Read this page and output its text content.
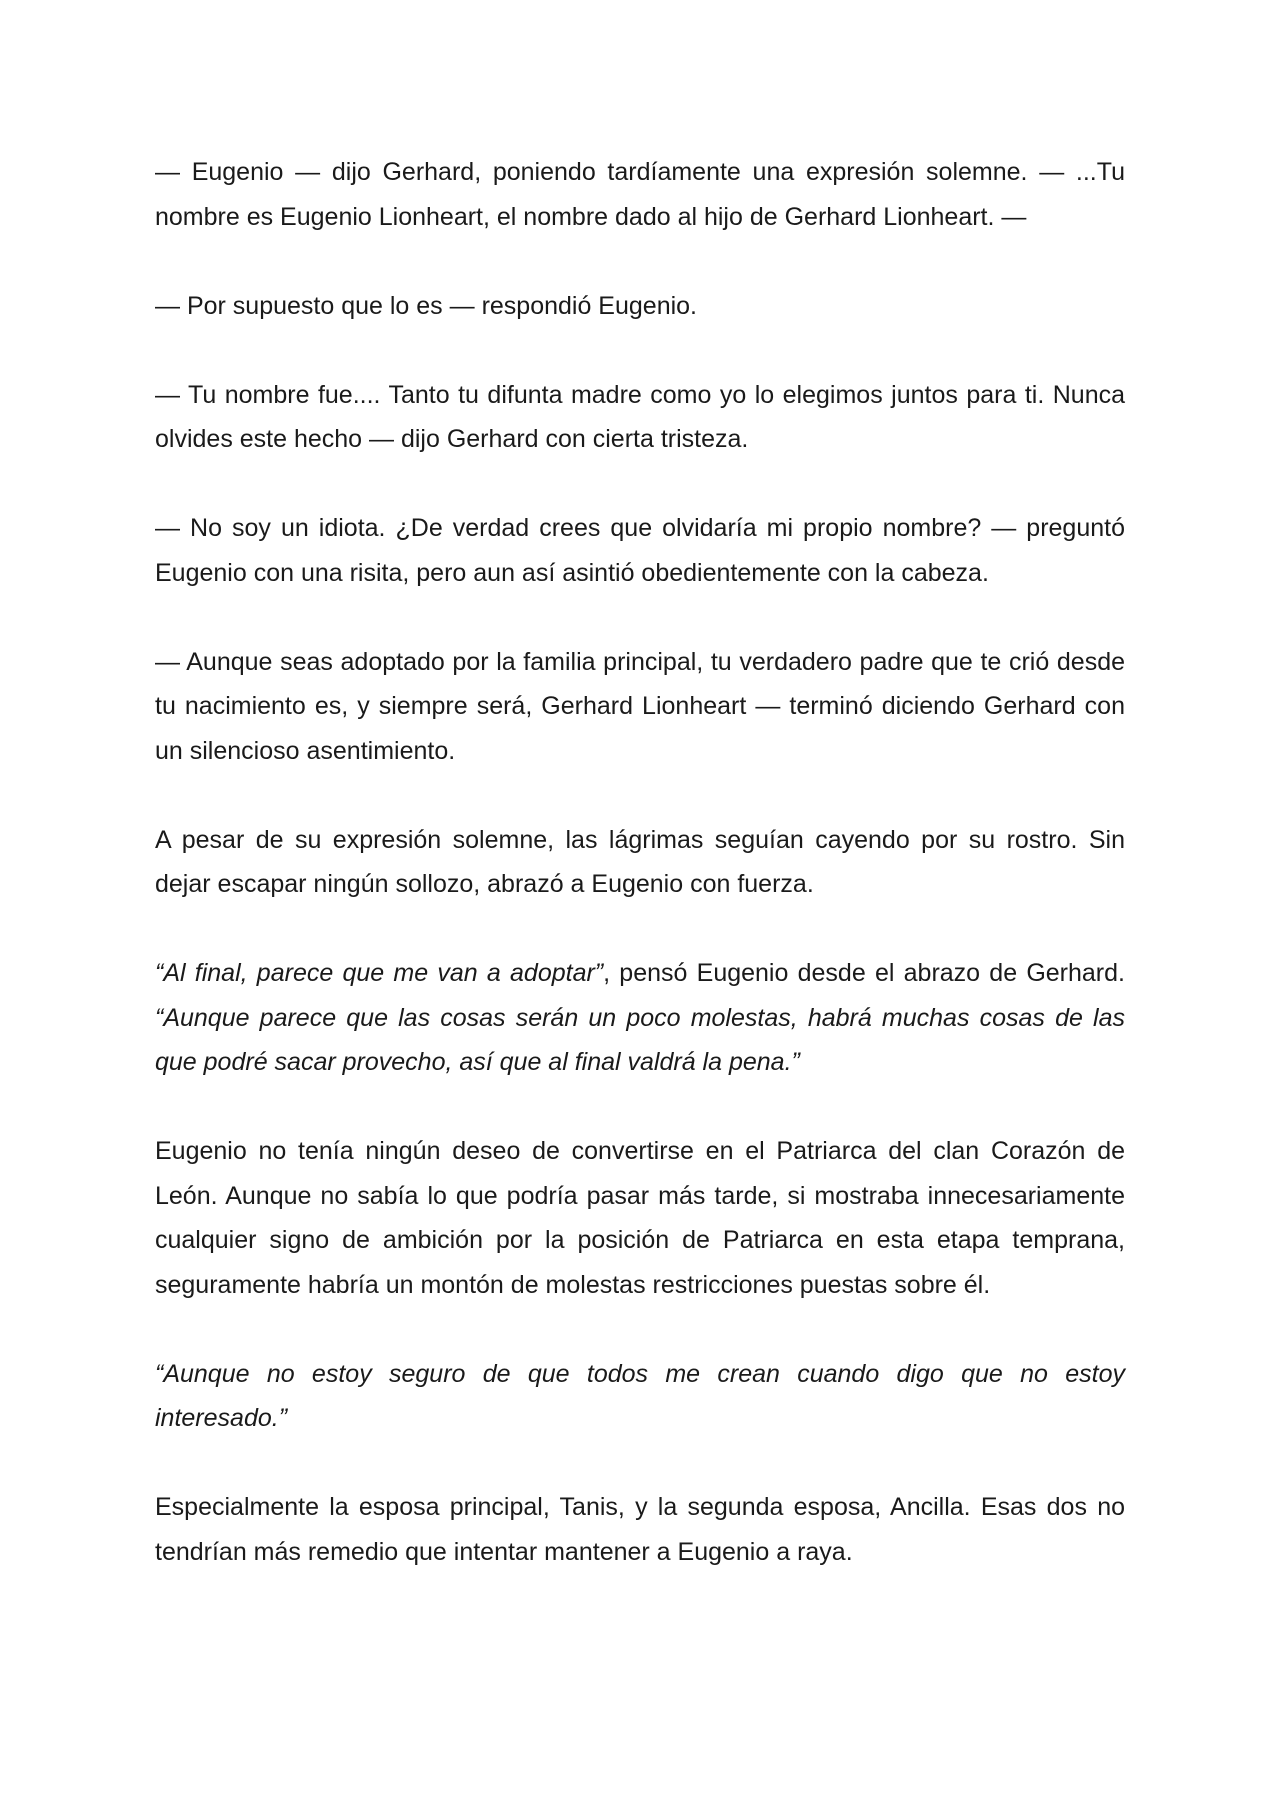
— Eugenio — dijo Gerhard, poniendo tardíamente una expresión solemne. — ...Tu nombre es Eugenio Lionheart, el nombre dado al hijo de Gerhard Lionheart. —

— Por supuesto que lo es — respondió Eugenio.

— Tu nombre fue.... Tanto tu difunta madre como yo lo elegimos juntos para ti. Nunca olvides este hecho — dijo Gerhard con cierta tristeza.

— No soy un idiota. ¿De verdad crees que olvidaría mi propio nombre? — preguntó Eugenio con una risita, pero aun así asintió obedientemente con la cabeza.

— Aunque seas adoptado por la familia principal, tu verdadero padre que te crió desde tu nacimiento es, y siempre será, Gerhard Lionheart — terminó diciendo Gerhard con un silencioso asentimiento.

A pesar de su expresión solemne, las lágrimas seguían cayendo por su rostro. Sin dejar escapar ningún sollozo, abrazó a Eugenio con fuerza.

“Al final, parece que me van a adoptar”, pensó Eugenio desde el abrazo de Gerhard. “Aunque parece que las cosas serán un poco molestas, habrá muchas cosas de las que podré sacar provecho, así que al final valdrá la pena.”

Eugenio no tenía ningún deseo de convertirse en el Patriarca del clan Corazón de León. Aunque no sabía lo que podría pasar más tarde, si mostraba innecesariamente cualquier signo de ambición por la posición de Patriarca en esta etapa temprana, seguramente habría un montón de molestas restricciones puestas sobre él.

“Aunque no estoy seguro de que todos me crean cuando digo que no estoy interesado.”

Especialmente la esposa principal, Tanis, y la segunda esposa, Ancilla. Esas dos no tendrían más remedio que intentar mantener a Eugenio a raya.
